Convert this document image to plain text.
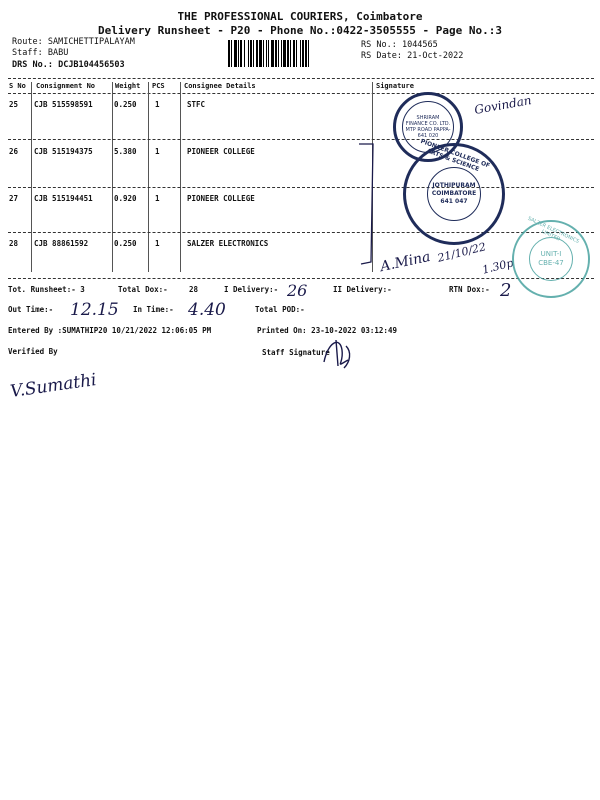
THE PROFESSIONAL COURIERS, Coimbatore
Delivery Runsheet - P20 - Phone No.:0422-3505555 - Page No.:3
Route: SAMICHETTIPALAYAM
Staff: BABU
DRS No.: DCJB104456503
RS No.: 1044565
RS Date: 21-Oct-2022
S No Consignment No	Weight PCS	Consignee Details	Signature
25 CJB 515598591	0.250 1	STFC
26 CJB 515194375	5.380 1	PIONEER COLLEGE
27 CJB 515194451	0.920 1	PIONEER COLLEGE
28 CJB 88861592	0.250 1	SALZER ELECTRONICS
Tot. Runsheet:- 3	Total Dox:-	28	I Delivery:-	II Delivery:-	RTN Dox:-
Out Time:-	In Time:-	Total POD:-
Entered By :SUMATHIP20 10/21/2022 12:06:05 PM	Printed On: 23-10-2022 03:12:49
Verified By	Staff Signature
26	2
12.15	4.40
V.Sumathi
Govindan
A.Mina 21/10/22
1.30p
SHRIRAM FINANCE CO. LTD. MTP ROAD PAPPA-641 020
PIONEER COLLEGE OF ARTS & SCIENCE
JOTHIPURAM COIMBATORE 641 047
SALZER ELECTRONICS LIMITED
UNIT-I CBE-47
